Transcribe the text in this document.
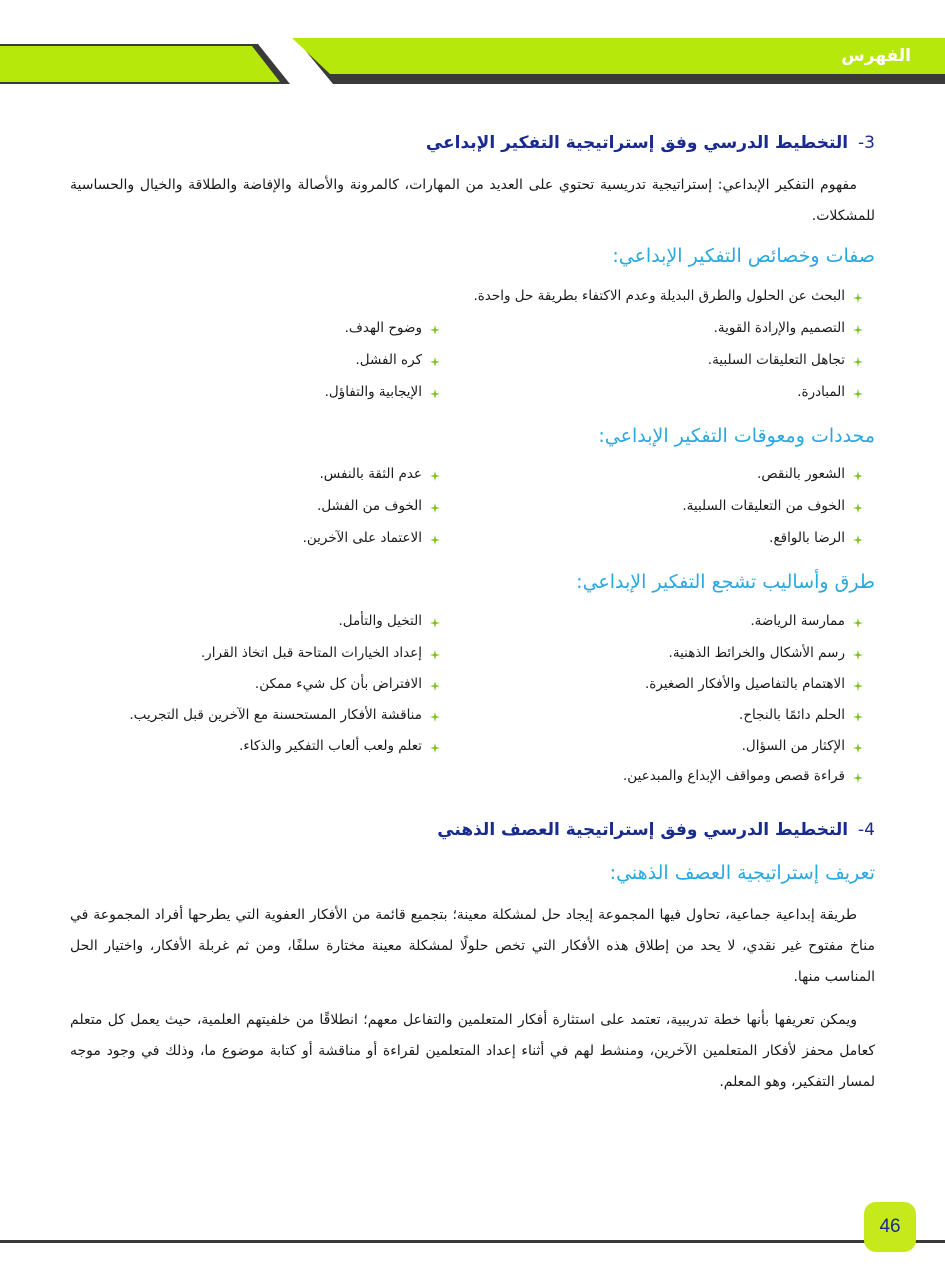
الفهرس
3- التخطيط الدرسي وفق إستراتيجية التفكير الإبداعي

مفهوم التفكير الإبداعي: إستراتيجية تدريسية تحتوي على العديد من المهارات، كالمرونة والأصالة والإفاضة والطلاقة والخيال والحساسية للمشكلات.

صفات وخصائص التفكير الإبداعي:
البحث عن الحلول والطرق البديلة وعدم الاكتفاء بطريقة حل واحدة.
التصميم والإرادة القوية.
وضوح الهدف.
تجاهل التعليقات السلبية.
كره الفشل.
المبادرة.
الإيجابية والتفاؤل.
محددات ومعوقات التفكير الإبداعي:
الشعور بالنقص.
عدم الثقة بالنفس.
الخوف من التعليقات السلبية.
الخوف من الفشل.
الرضا بالواقع.
الاعتماد على الآخرين.
طرق وأساليب تشجع التفكير الإبداعي:
ممارسة الرياضة.
التخيل والتأمل.
رسم الأشكال والخرائط الذهنية.
إعداد الخيارات المتاحة قبل اتخاذ القرار.
الاهتمام بالتفاصيل والأفكار الصغيرة.
الافتراض بأن كل شيء ممكن.
الحلم دائمًا بالنجاح.
مناقشة الأفكار المستحسنة مع الآخرين قبل التجريب.
الإكثار من السؤال.
تعلم ولعب ألعاب التفكير والذكاء.
قراءة قصص ومواقف الإبداع والمبدعين.
4- التخطيط الدرسي وفق إستراتيجية العصف الذهني
تعريف إستراتيجية العصف الذهني:

طريقة إبداعية جماعية، تحاول فيها المجموعة إيجاد حل لمشكلة معينة؛ بتجميع قائمة من الأفكار العفوية التي يطرحها أفراد المجموعة في مناخ مفتوح غير نقدي، لا يحد من إطلاق هذه الأفكار التي تخص حلولًا لمشكلة معينة مختارة سلفًا، ومن ثم غربلة الأفكار، واختيار الحل المناسب منها.

ويمكن تعريفها بأنها خطة تدريبية، تعتمد على استثارة أفكار المتعلمين والتفاعل معهم؛ انطلاقًا من خلفيتهم العلمية، حيث يعمل كل متعلم كعامل محفز لأفكار المتعلمين الآخرين، ومنشط لهم في أثناء إعداد المتعلمين لقراءة أو مناقشة أو كتابة موضوع ما، وذلك في وجود موجه لمسار التفكير، وهو المعلم.

46
